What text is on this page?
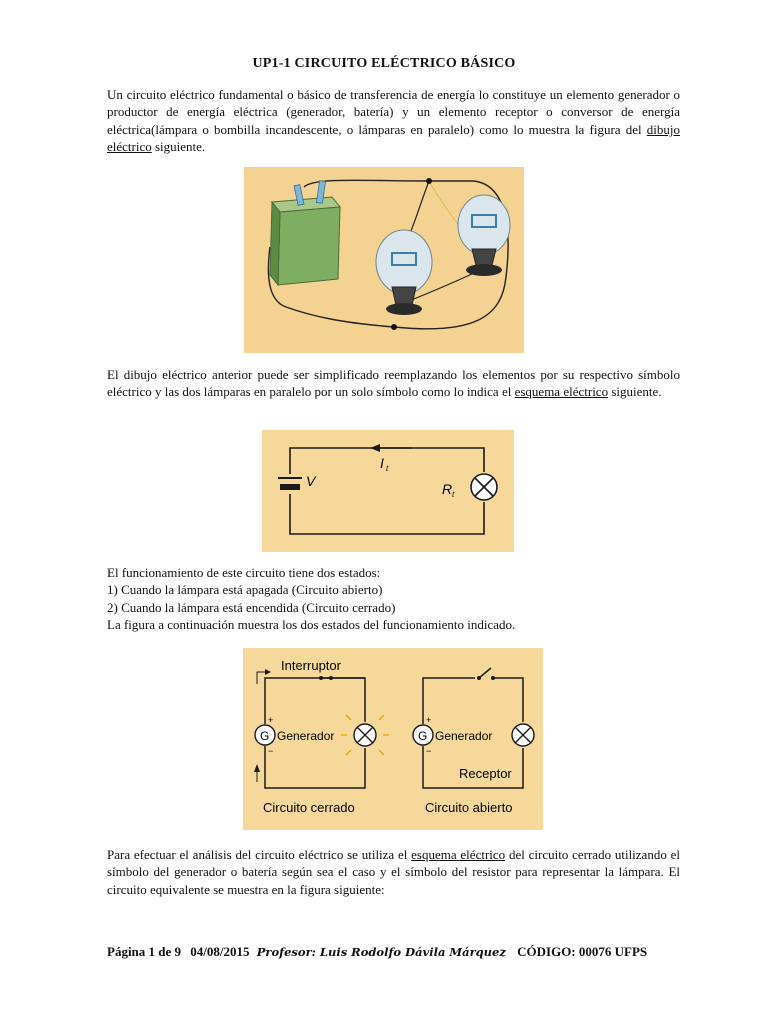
UP1-1 CIRCUITO ELÉCTRICO BÁSICO

Un circuito eléctrico fundamental o básico de transferencia de energía lo constituye un elemento generador o productor de energía eléctrica (generador, batería) y un elemento receptor o conversor de energía eléctrica(lámpara o bombilla incandescente, o lámparas en paralelo) como lo muestra la figura del dibujo eléctrico siguiente.

El dibujo eléctrico anterior puede ser simplificado reemplazando los elementos por su respectivo símbolo eléctrico y las dos lámparas en paralelo por un solo símbolo como lo indica el esquema eléctrico siguiente.

V
I t
R t

El funcionamiento de este circuito tiene dos estados:

1) Cuando la lámpara está apagada (Circuito abierto)

2) Cuando la lámpara está encendida (Circuito cerrado)

La figura a continuación muestra los dos estados del funcionamiento indicado.

G
+
−
Interruptor
Generador
Circuito cerrado
G
+
−
Generador
Receptor
Circuito abierto

Para efectuar el análisis del circuito eléctrico se utiliza el esquema eléctrico del circuito cerrado utilizando el símbolo del generador o batería según sea el caso y el símbolo del resistor para representar la lámpara. El circuito equivalente se muestra en la figura siguiente:

Página 1 de 9 04/08/2015 Profesor: Luis Rodolfo Dávila Márquez CÓDIGO: 00076 UFPS
